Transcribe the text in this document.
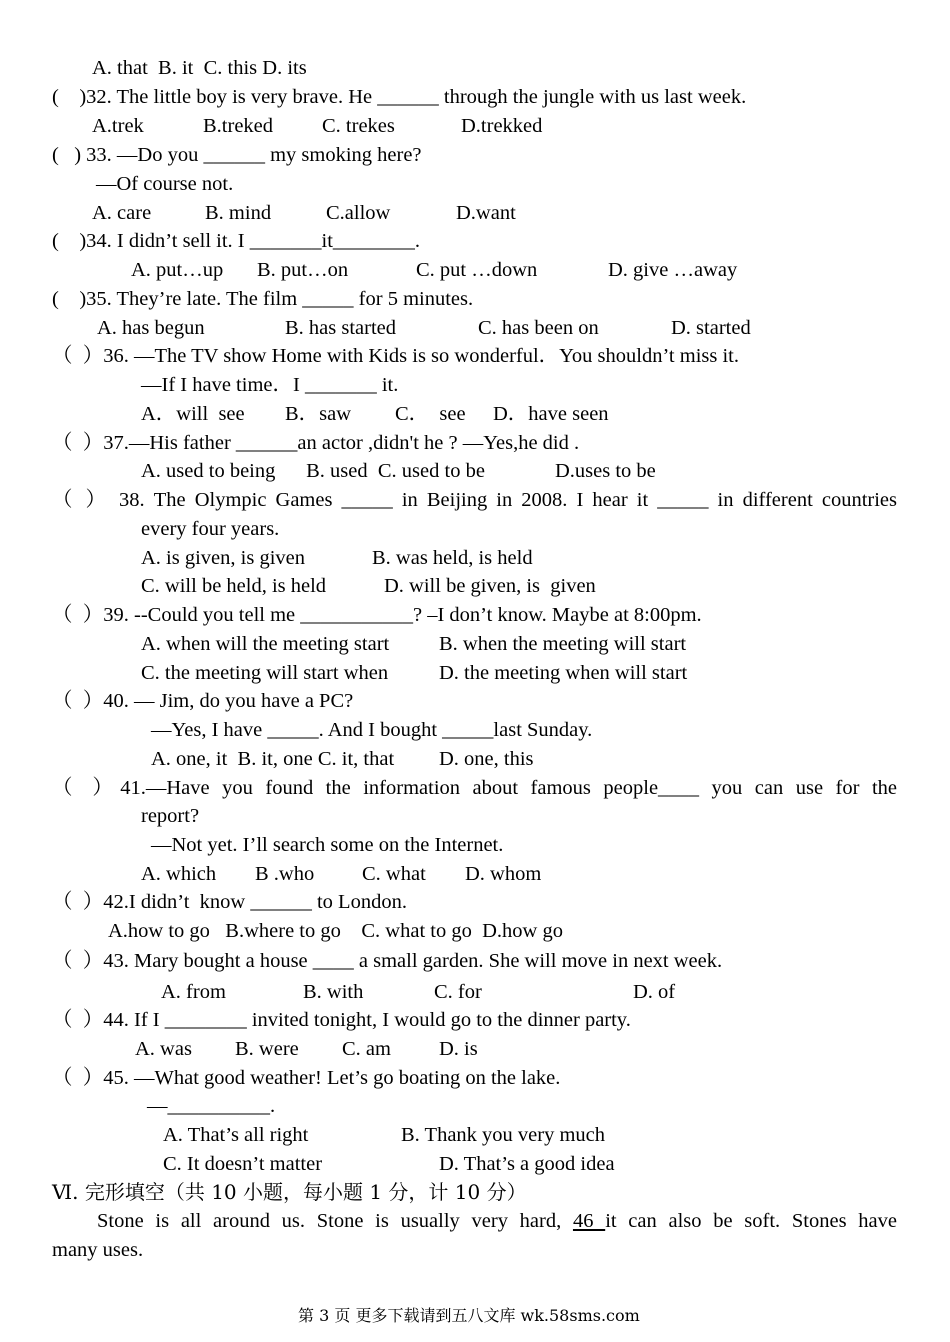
A. that  B. it  C. this D. its
(    )32. The little boy is very brave. He ______ through the jungle with us last week.
A.trek	B.treked C. trekes	D.trekked
(   ) 33. —Do you ______ my smoking here?
—Of course not.
A. care	B. mind	C.allow	D.want
(    )34. I didn’t sell it. I _______it________.
A. put…up B. put…on	C. put …down	D. give …away
(    )35. They’re late. The film _____ for 5 minutes.
A. has begun	B. has started	C. has been on	D. started
（  ）36. —The TV show Home with Kids is so wonderful．You shouldn’t miss it.
—If I have time．I _______ it.
A．will  see B．saw C．  see D．have seen
（  ）37.—His father ______an actor ,didn't he ? —Yes,he did .
A. used to being      B. used  C. used to be	D.uses to be
（ ） 38. The Olympic Games _____ in Beijing in 2008. I hear it _____ in different countries
every four years.
A. is given, is given	B. was held, is held
C. will be held, is held	D. will be given, is  given
（  ）39. --Could you tell me ___________? –I don’t know. Maybe at 8:00pm.
A. when will the meeting start B. when the meeting will start
C. the meeting will start when D. the meeting when will start
（  ）40. — Jim, do you have a PC?
—Yes, I have _____. And I bought _____last Sunday.
A. one, it  B. it, one C. it, that D. one, this
（ ）41.—Have you found the information about famous people____ you can use for the
report?
—Not yet. I’ll search some on the Internet.
A. which B .who C. what D. whom
（  ）42.I didn’t  know ______ to London.
A.how to go   B.where to go    C. what to go  D.how go
（  ）43. Mary bought a house ____ a small garden. She will move in next week.
A. from	B. with	C. for	D. of
（  ）44. If I ________ invited tonight, I would go to the dinner party.
A. was B. were C. am D. is
（  ）45. —What good weather! Let’s go boating on the lake.
—__________.
A. That’s all right	B. Thank you very much
C. It doesn’t matter	D. That’s a good idea
Ⅵ. 完形填空（共 10 小题，每小题 1 分，计 10 分）
Stone is all around us. Stone is usually very hard, 46 it can also be soft. Stones have
many uses.
第 3 页 更多下载请到五八文库 wk.58sms.com
